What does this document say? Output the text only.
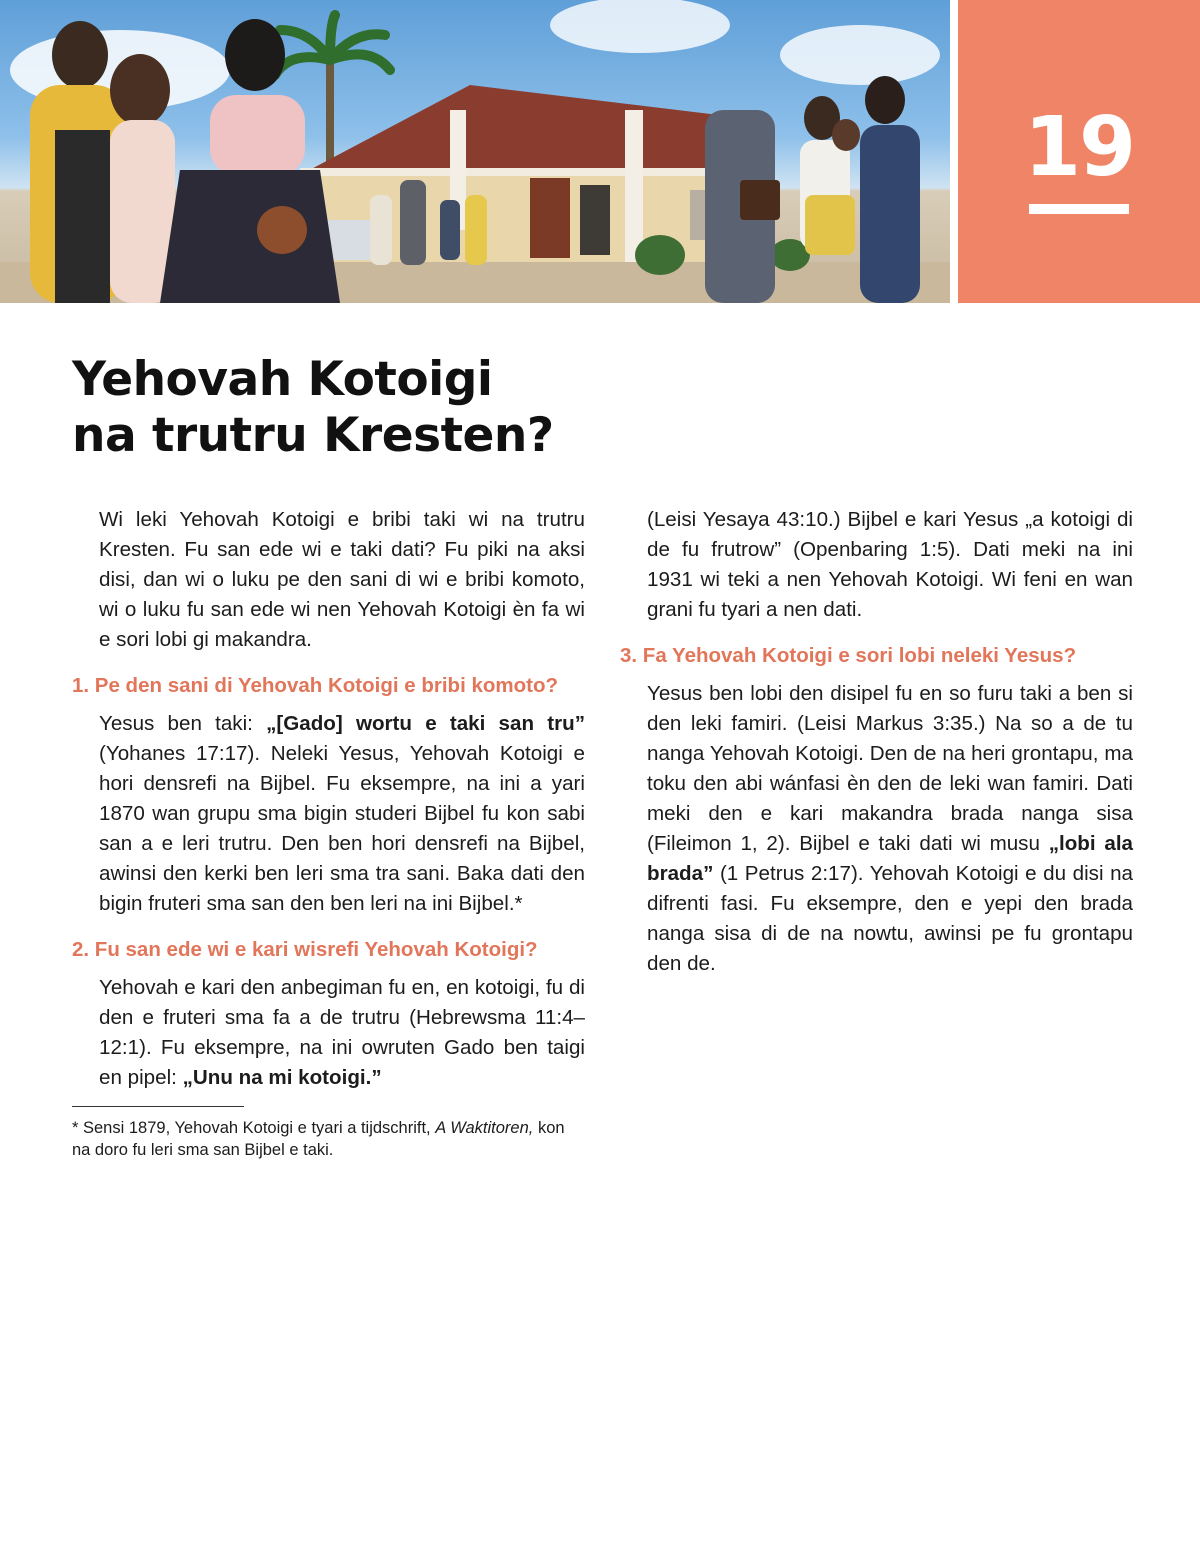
19
Yehovah Kotoigi
na trutru Kresten?

Wi leki Yehovah Kotoigi e bribi taki wi na trutru Kresten. Fu san ede wi e taki dati? Fu piki na aksi disi, dan wi o luku pe den sani di wi e bribi komoto, wi o luku fu san ede wi nen Yehovah Kotoigi èn fa wi e sori lobi gi makandra.

1. Pe den sani di Yehovah Kotoigi e bribi komoto?

Yesus ben taki: „[Gado] wortu e taki san tru” (Yohanes 17:17). Neleki Yesus, Yehovah Kotoigi e hori densrefi na Bijbel. Fu eksempre, na ini a yari 1870 wan grupu sma bigin studeri Bijbel fu kon sabi san a e leri trutru. Den ben hori densrefi na Bijbel, awinsi den kerki ben leri sma tra sani. Baka dati den bigin fruteri sma san den ben leri na ini Bijbel.*

2. Fu san ede wi e kari wisrefi Yehovah Kotoigi?

Yehovah e kari den anbegiman fu en, en kotoigi, fu di den e fruteri sma fa a de trutru (Hebrewsma 11:4–12:1). Fu eksempre, na ini owruten Gado ben taigi en pipel: „Unu na mi kotoigi.”

* Sensi 1879, Yehovah Kotoigi e tyari a tijdschrift, A Waktitoren, kon na doro fu leri sma san Bijbel e taki.

(Leisi Yesaya 43:10.) Bijbel e kari Yesus „a kotoigi di de fu frutrow” (Openbaring 1:5). Dati meki na ini 1931 wi teki a nen Yehovah Kotoigi. Wi feni en wan grani fu tyari a nen dati.

3. Fa Yehovah Kotoigi e sori lobi neleki Yesus?

Yesus ben lobi den disipel fu en so furu taki a ben si den leki famiri. (Leisi Markus 3:35.) Na so a de tu nanga Yehovah Kotoigi. Den de na heri grontapu, ma toku den abi wánfasi èn den de leki wan famiri. Dati meki den e kari makandra brada nanga sisa (Fileimon 1, 2). Bijbel e taki dati wi musu „lobi ala brada” (1 Petrus 2:17). Yehovah Kotoigi e du disi na difrenti fasi. Fu eksempre, den e yepi den brada nanga sisa di de na nowtu, awinsi pe fu grontapu den de.
